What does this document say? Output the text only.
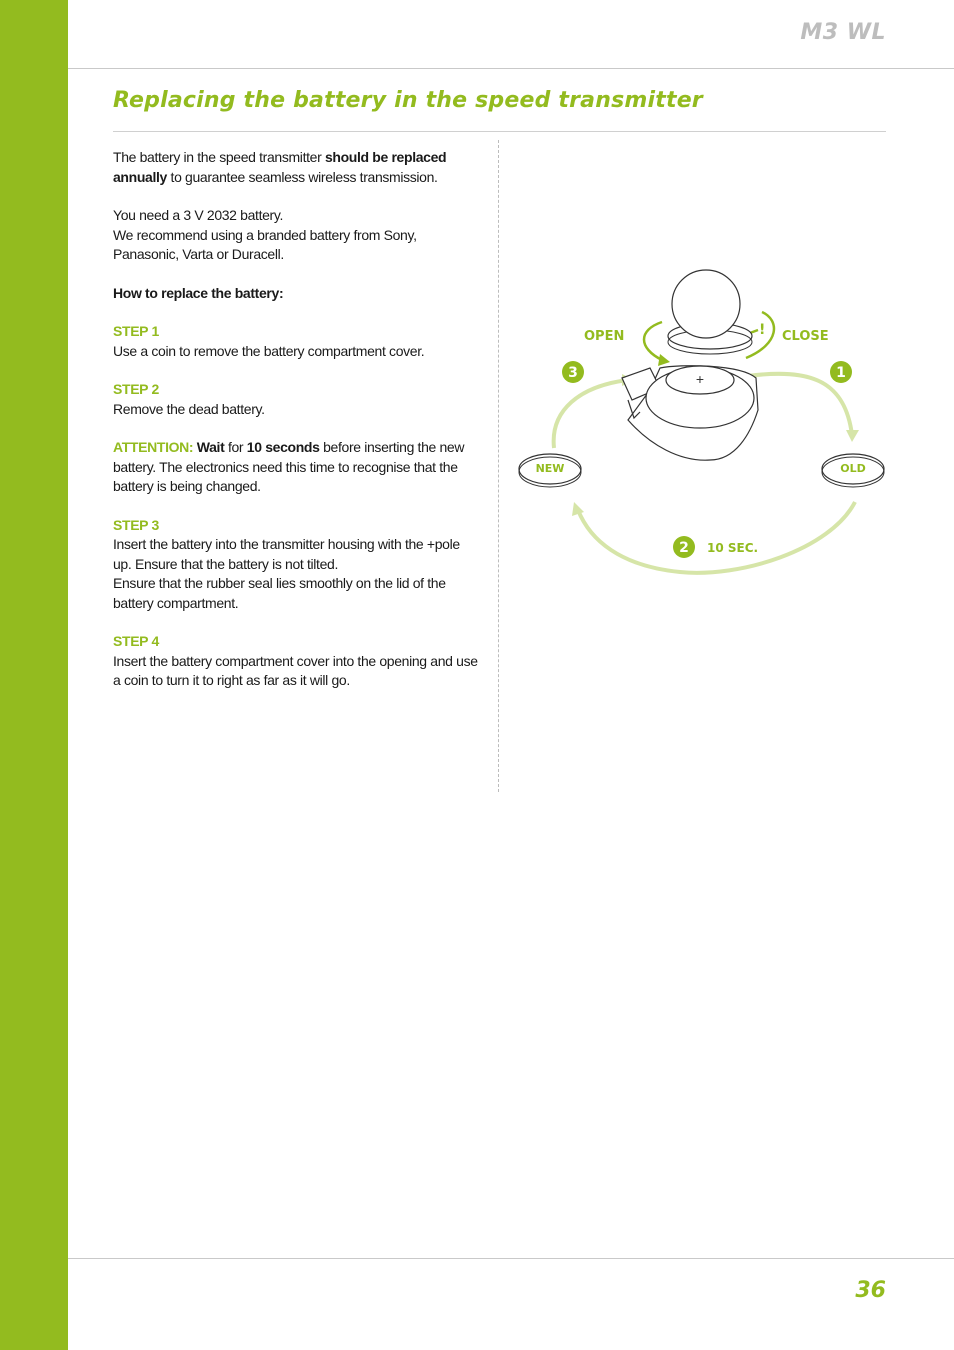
M3 WL
Replacing the battery in the speed transmitter

The battery in the speed transmitter should be replaced annually to guarantee seamless wireless transmission.

You need a 3 V 2032 battery.
We recommend using a branded battery from Sony, Panasonic, Varta or Duracell.

How to replace the battery:

STEP 1
Use a coin to remove the battery compartment cover.

STEP 2
Remove the dead battery.

ATTENTION: Wait for 10 seconds before inserting the new battery. The electronics need this time to recognise that the battery is being changed.

STEP 3
Insert the battery into the transmitter housing with the +pole up. Ensure that the battery is not tilted.
Ensure that the rubber seal lies smoothly on the lid of the battery compartment.

STEP 4
Insert the battery compartment cover into the opening and use a coin to turn it to right as far as it will go.

+
OPEN	CLOSE
!
3	1
2 10 SEC.
NEW	OLD
36
